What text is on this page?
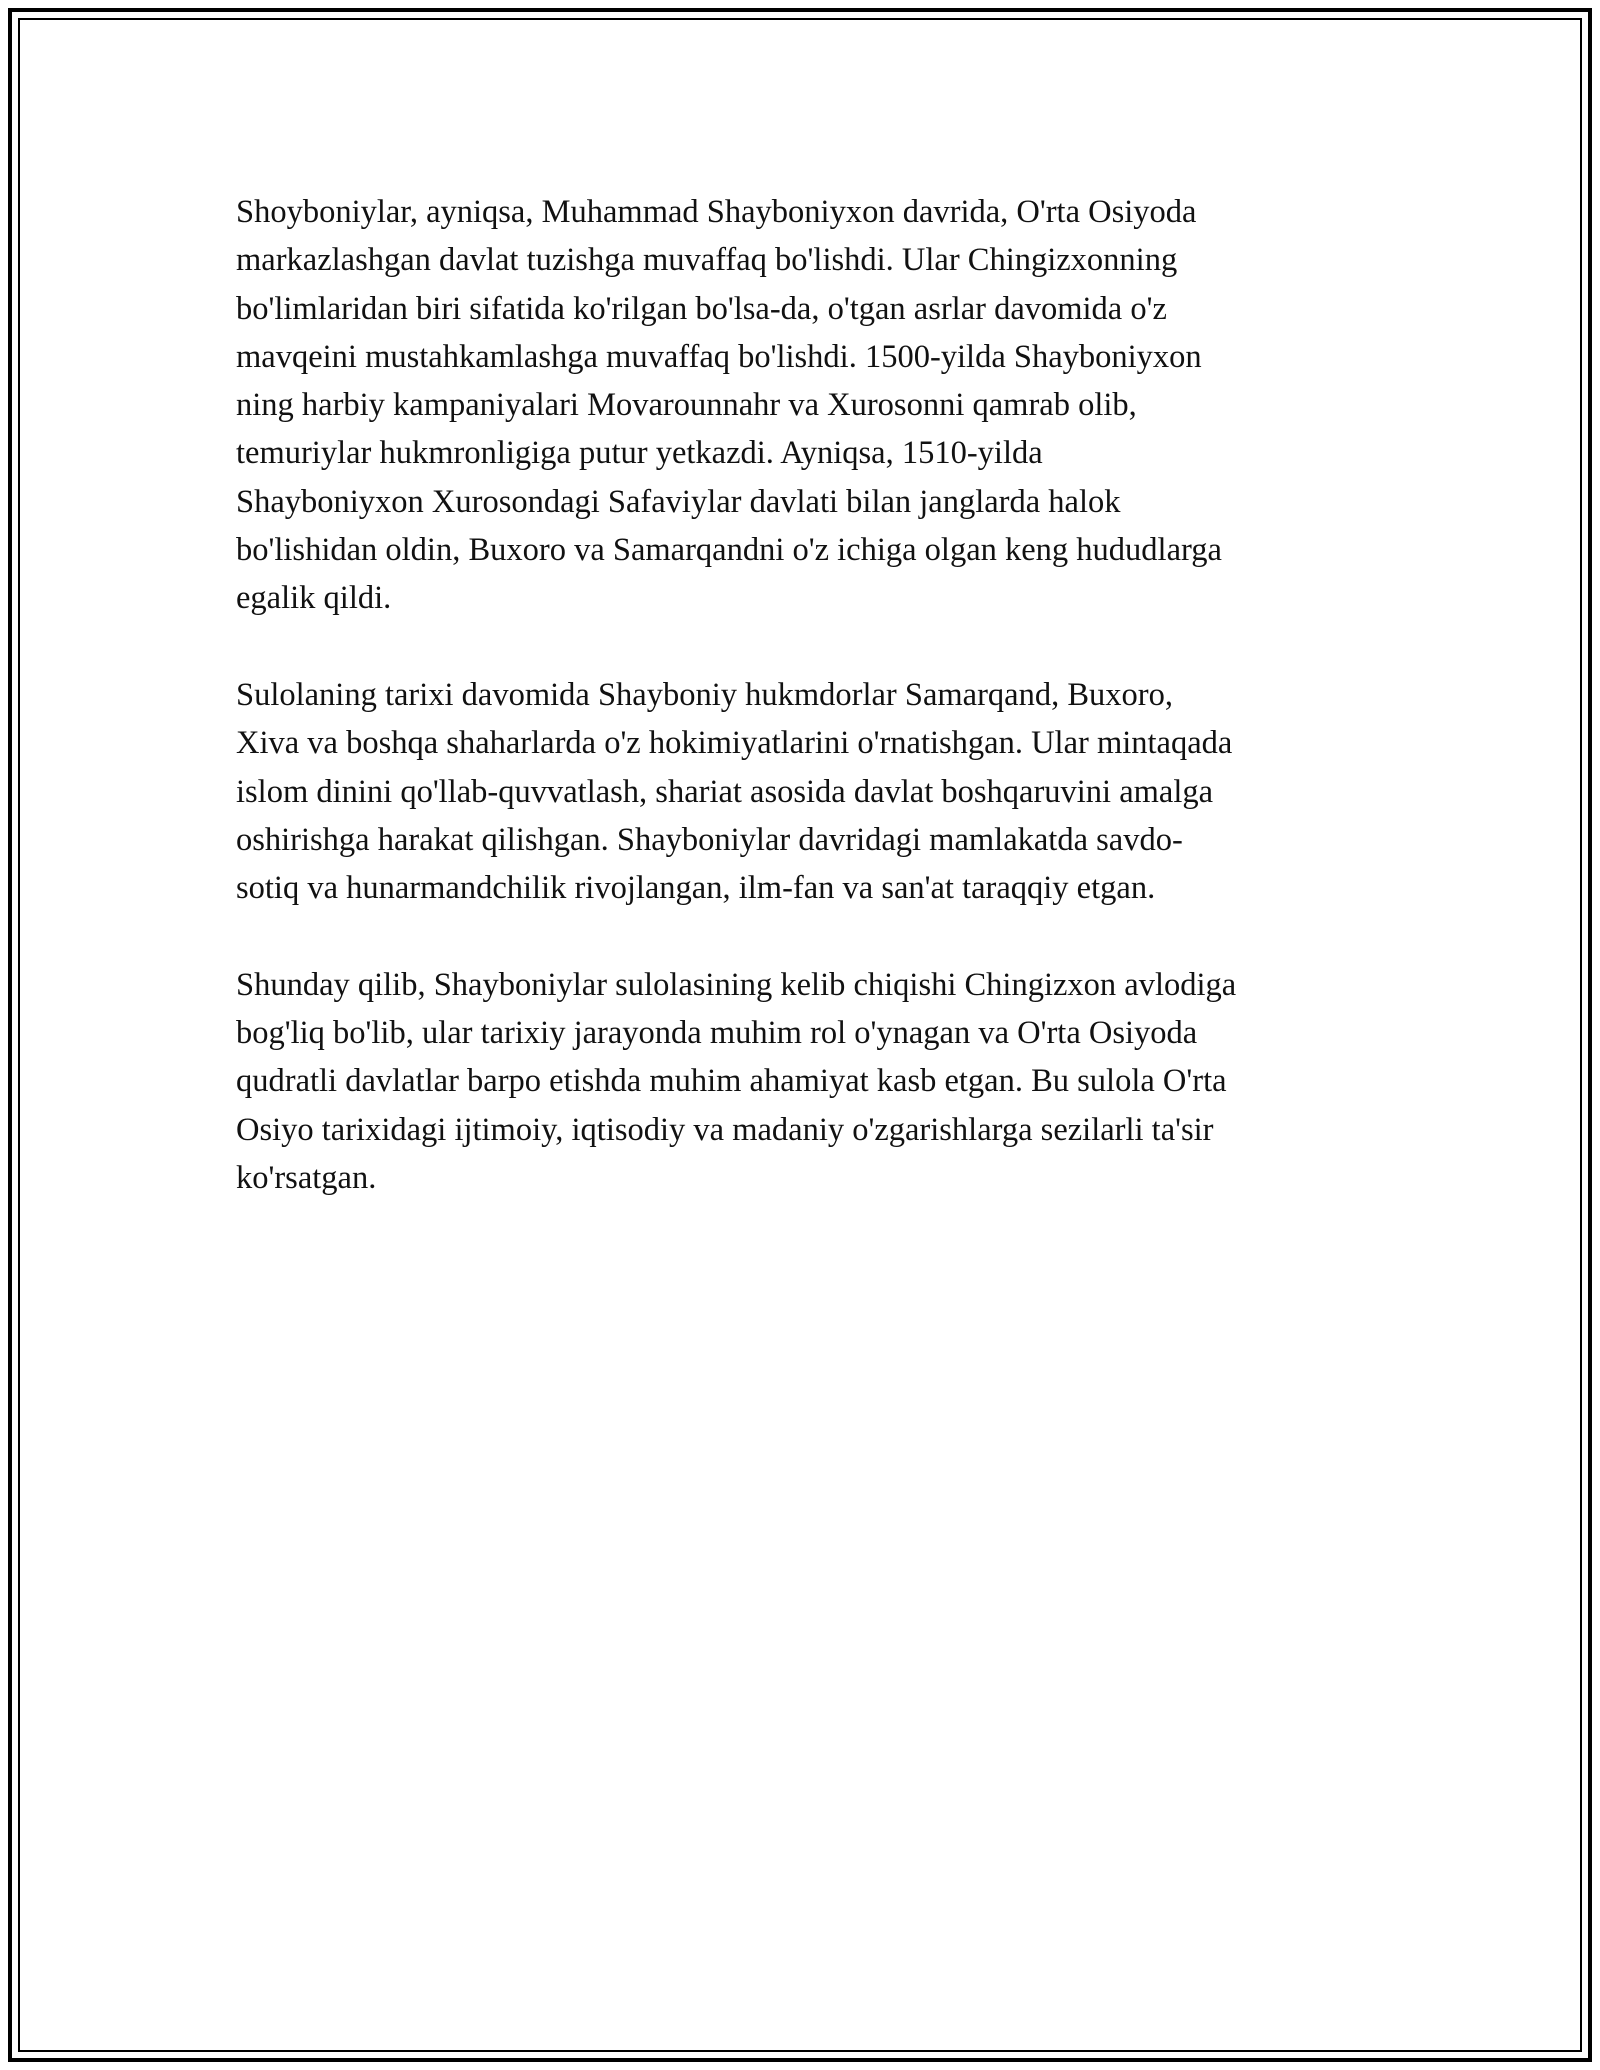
Shoyboniylar, ayniqsa, Muhammad Shayboniyxon davrida, O'rta Osiyoda
markazlashgan davlat tuzishga muvaffaq bo'lishdi. Ular Chingizxonning
bo'limlaridan biri sifatida ko'rilgan bo'lsa-da, o'tgan asrlar davomida o'z
mavqeini mustahkamlashga muvaffaq bo'lishdi. 1500-yilda Shayboniyxon
ning harbiy kampaniyalari Movarounnahr va Xurosonni qamrab olib,
temuriylar hukmronligiga putur yetkazdi. Ayniqsa, 1510-yilda
Shayboniyxon Xurosondagi Safaviylar davlati bilan janglarda halok
bo'lishidan oldin, Buxoro va Samarqandni o'z ichiga olgan keng hududlarga
egalik qildi.

Sulolaning tarixi davomida Shayboniy hukmdorlar Samarqand, Buxoro,
Xiva va boshqa shaharlarda o'z hokimiyatlarini o'rnatishgan. Ular mintaqada
islom dinini qo'llab-quvvatlash, shariat asosida davlat boshqaruvini amalga
oshirishga harakat qilishgan. Shayboniylar davridagi mamlakatda savdo-
sotiq va hunarmandchilik rivojlangan, ilm-fan va san'at taraqqiy etgan.

Shunday qilib, Shayboniylar sulolasining kelib chiqishi Chingizxon avlodiga
bog'liq bo'lib, ular tarixiy jarayonda muhim rol o'ynagan va O'rta Osiyoda
qudratli davlatlar barpo etishda muhim ahamiyat kasb etgan. Bu sulola O'rta
Osiyo tarixidagi ijtimoiy, iqtisodiy va madaniy o'zgarishlarga sezilarli ta'sir
ko'rsatgan.
